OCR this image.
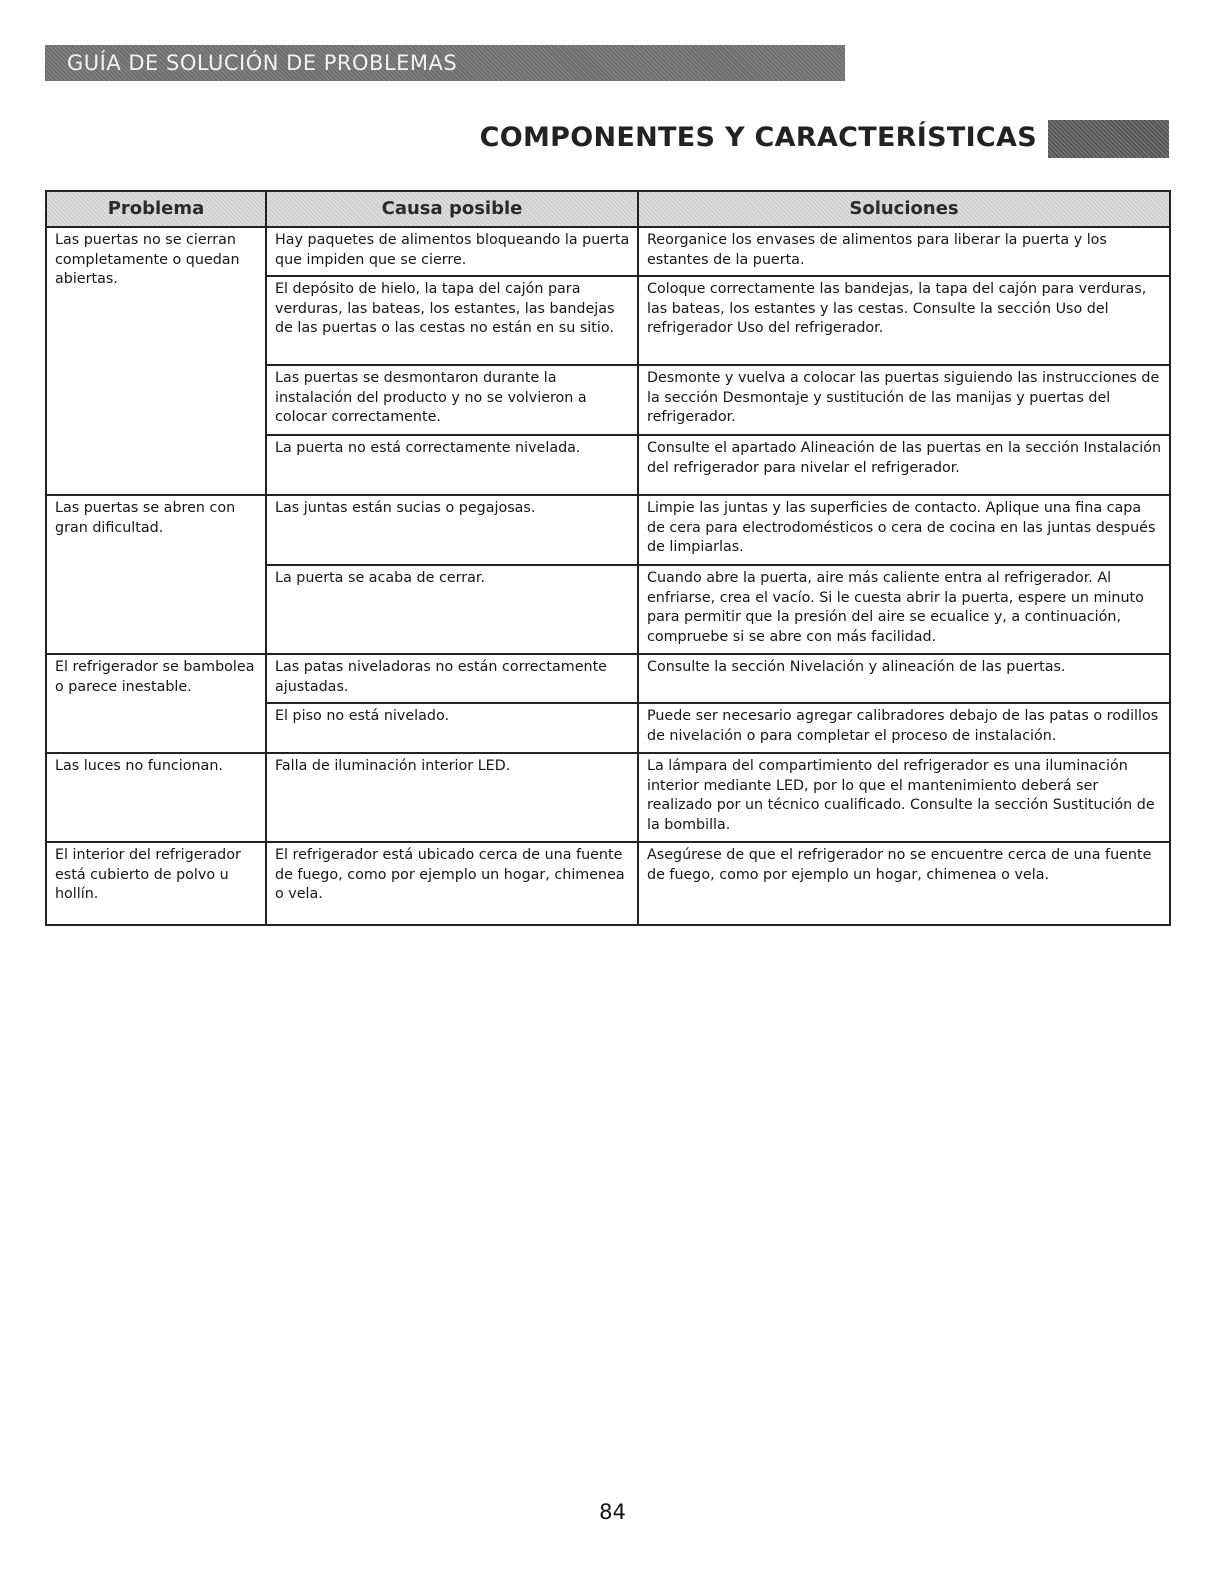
GUÍA DE SOLUCIÓN DE PROBLEMAS
COMPONENTES Y CARACTERÍSTICAS
Problema	Causa posible	Soluciones
Las puertas no se cierran completamente o quedan abiertas.	Hay paquetes de alimentos bloqueando la puerta que impiden que se cierre.	Reorganice los envases de alimentos para liberar la puerta y los estantes de la puerta.
	El depósito de hielo, la tapa del cajón para verduras, las bateas, los estantes, las bandejas de las puertas o las cestas no están en su sitio.	Coloque correctamente las bandejas, la tapa del cajón para verduras, las bateas, los estantes y las cestas. Consulte la sección Uso del refrigerador Uso del refrigerador.
	Las puertas se desmontaron durante la instalación del producto y no se volvieron a colocar correctamente.	Desmonte y vuelva a colocar las puertas siguiendo las instrucciones de la sección Desmontaje y sustitución de las manijas y puertas del refrigerador.
	La puerta no está correctamente nivelada.	Consulte el apartado Alineación de las puertas en la sección Instalación del refrigerador para nivelar el refrigerador.
Las puertas se abren con gran dificultad.	Las juntas están sucias o pegajosas.	Limpie las juntas y las superficies de contacto. Aplique una fina capa de cera para electrodomésticos o cera de cocina en las juntas después de limpiarlas.
	La puerta se acaba de cerrar.	Cuando abre la puerta, aire más caliente entra al refrigerador. Al enfriarse, crea el vacío. Si le cuesta abrir la puerta, espere un minuto para permitir que la presión del aire se ecualice y, a continuación, compruebe si se abre con más facilidad.
El refrigerador se bambolea o parece inestable.	Las patas niveladoras no están correctamente ajustadas.	Consulte la sección Nivelación y alineación de las puertas.
	El piso no está nivelado.	Puede ser necesario agregar calibradores debajo de las patas o rodillos de nivelación o para completar el proceso de instalación.
Las luces no funcionan.	Falla de iluminación interior LED.	La lámpara del compartimiento del refrigerador es una iluminación interior mediante LED, por lo que el mantenimiento deberá ser realizado por un técnico cualificado. Consulte la sección Sustitución de la bombilla.
El interior del refrigerador está cubierto de polvo u hollín.	El refrigerador está ubicado cerca de una fuente de fuego, como por ejemplo un hogar, chimenea o vela.	Asegúrese de que el refrigerador no se encuentre cerca de una fuente de fuego, como por ejemplo un hogar, chimenea o vela.
84
